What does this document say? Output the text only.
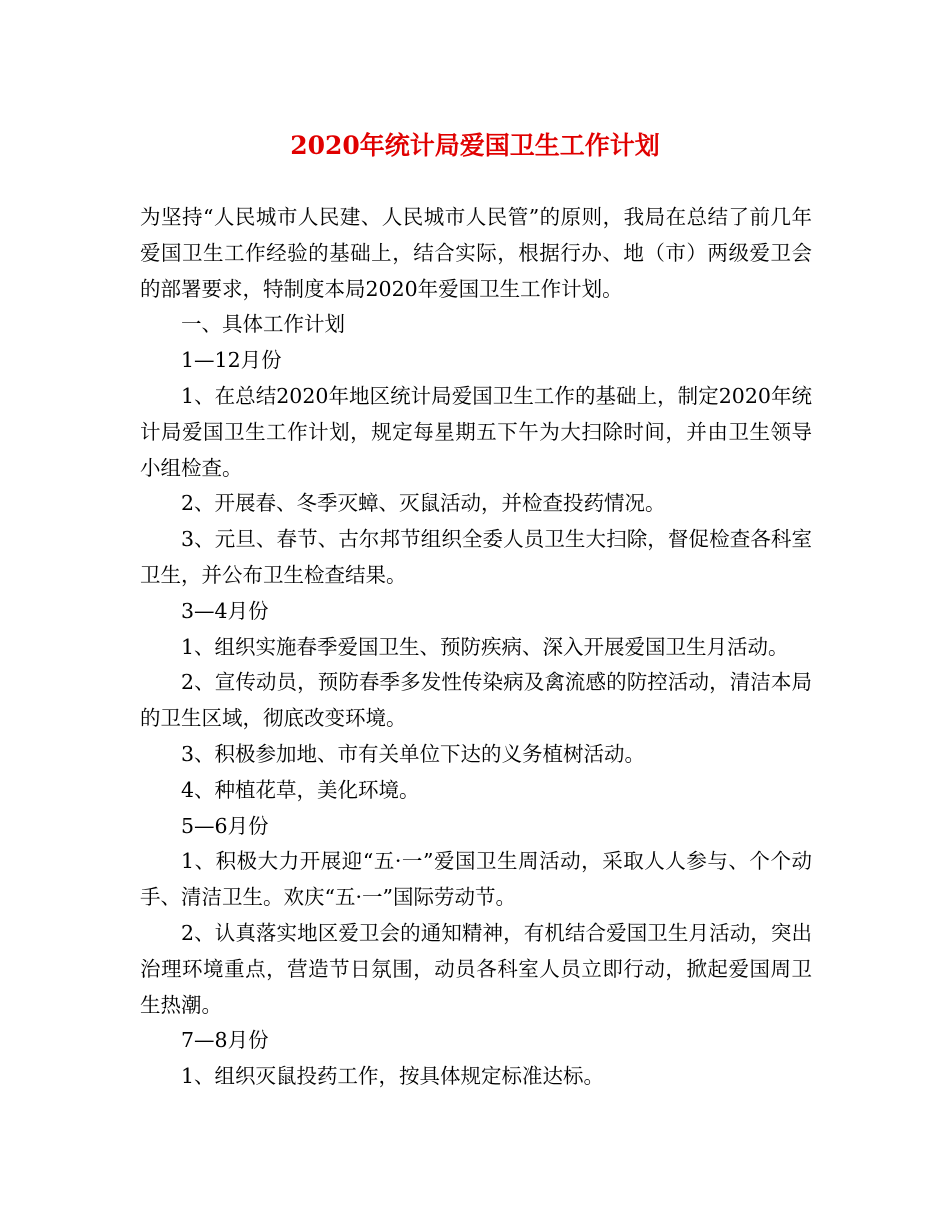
2020年统计局爱国卫生工作计划

为坚持“人民城市人民建、人民城市人民管”的原则，我局在总结了前几年爱国卫生工作经验的基础上，结合实际，根据行办、地（市）两级爱卫会的部署要求，特制度本局2020年爱国卫生工作计划。

一、具体工作计划

1—12月份

1、在总结2020年地区统计局爱国卫生工作的基础上，制定2020年统计局爱国卫生工作计划，规定每星期五下午为大扫除时间，并由卫生领导小组检查。

2、开展春、冬季灭蟑、灭鼠活动，并检查投药情况。

3、元旦、春节、古尔邦节组织全委人员卫生大扫除，督促检查各科室卫生，并公布卫生检查结果。

3—4月份

1、组织实施春季爱国卫生、预防疾病、深入开展爱国卫生月活动。

2、宣传动员，预防春季多发性传染病及禽流感的防控活动，清洁本局的卫生区域，彻底改变环境。

3、积极参加地、市有关单位下达的义务植树活动。

4、种植花草，美化环境。

5—6月份

1、积极大力开展迎“五·一”爱国卫生周活动，采取人人参与、个个动手、清洁卫生。欢庆“五·一”国际劳动节。

2、认真落实地区爱卫会的通知精神，有机结合爱国卫生月活动，突出治理环境重点，营造节日氛围，动员各科室人员立即行动，掀起爱国周卫生热潮。

7—8月份

1、组织灭鼠投药工作，按具体规定标准达标。
